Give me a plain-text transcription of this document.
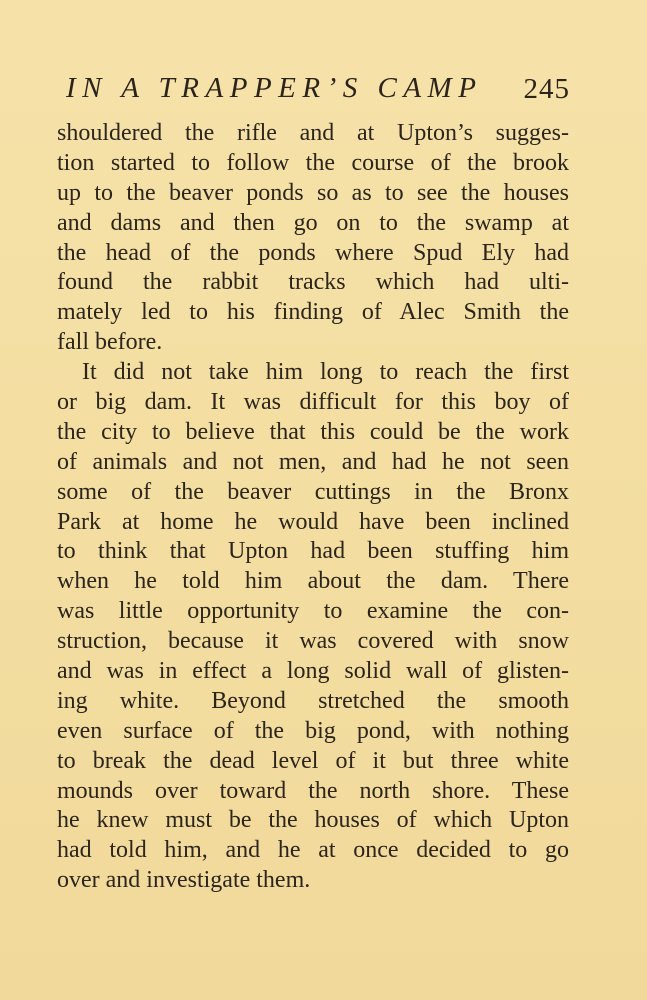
IN A TRAPPER’S CAMP 245
shouldered the rifle and at Upton’s sugges-
tion started to follow the course of the brook
up to the beaver ponds so as to see the houses
and dams and then go on to the swamp at
the head of the ponds where Spud Ely had
found the rabbit tracks which had ulti-
mately led to his finding of Alec Smith the
fall before.
It did not take him long to reach the first
or big dam. It was difficult for this boy of
the city to believe that this could be the work
of animals and not men, and had he not seen
some of the beaver cuttings in the Bronx
Park at home he would have been inclined
to think that Upton had been stuffing him
when he told him about the dam. There
was little opportunity to examine the con-
struction, because it was covered with snow
and was in effect a long solid wall of glisten-
ing white. Beyond stretched the smooth
even surface of the big pond, with nothing
to break the dead level of it but three white
mounds over toward the north shore. These
he knew must be the houses of which Upton
had told him, and he at once decided to go
over and investigate them.
